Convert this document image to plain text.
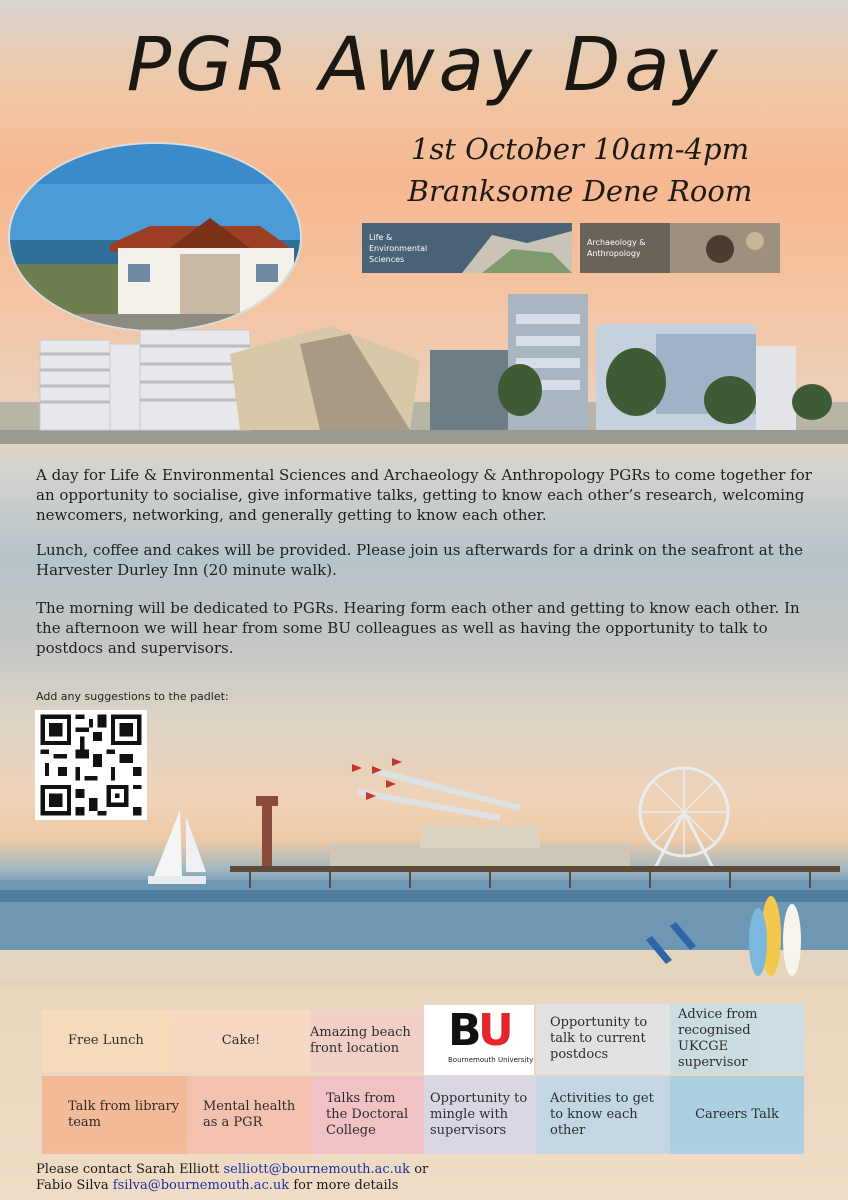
PGR Away Day
1st October 10am-4pm
Branksome Dene Room
Life & Environmental Sciences
Archaeology & Anthropology

A day for Life & Environmental Sciences and Archaeology & Anthropology PGRs to come together for an opportunity to socialise, give informative talks, getting to know each other’s research, welcoming newcomers, networking, and generally getting to know each other.

Lunch, coffee and cakes will be provided. Please join us afterwards for a drink on the seafront at the Harvester Durley Inn (20 minute walk).

The morning will be dedicated to PGRs. Hearing form each other and getting to know each other. In the afternoon we will hear from some BU colleagues as well as having the opportunity to talk to postdocs and supervisors.

Add any suggestions to the padlet:
Free Lunch	Cake!
Amazing beach front location
Opportunity to talk to current postdocs
Advice from recognised UKCGE supervisor
B
U
Bournemouth University
Talk from library team
Mental health as a PGR
Talks from the Doctoral College
Opportunity to mingle with supervisors
Activities to get to know each other
Careers Talk
Please contact Sarah Elliott selliott@bournemouth.ac.uk or
Fabio Silva fsilva@bournemouth.ac.uk for more details
